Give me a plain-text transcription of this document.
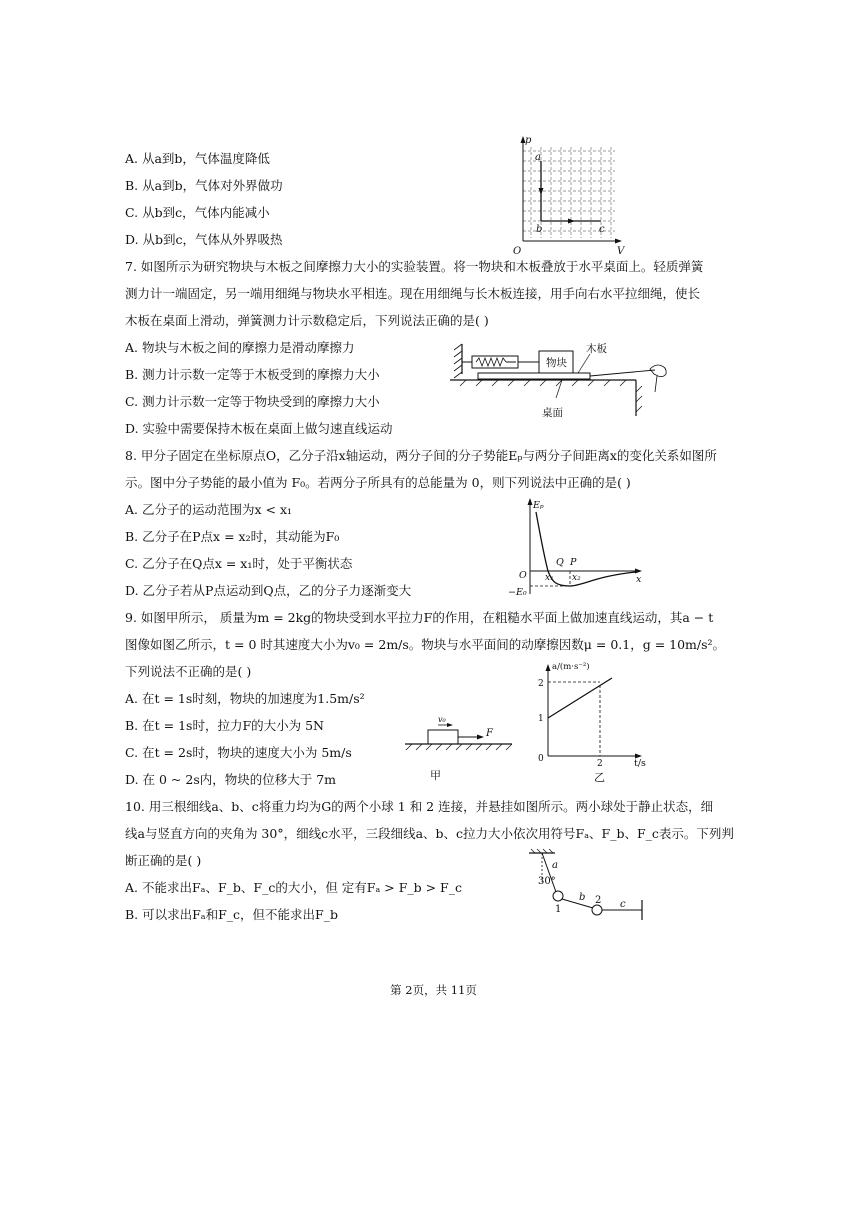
A. 从a到b，气体温度降低
B. 从a到b，气体对外界做功
C. 从b到c，气体内能减小
D. 从b到c，气体从外界吸热
p
V
O
a
b	c
7. 如图所示为研究物块与木板之间摩擦力大小的实验装置。将一物块和木板叠放于水平桌面上。轻质弹簧
测力计一端固定，另一端用细绳与物块水平相连。现在用细绳与长木板连接，用手向右水平拉细绳，使长
木板在桌面上滑动，弹簧测力计示数稳定后，下列说法正确的是( )
A. 物块与木板之间的摩擦力是滑动摩擦力
B. 测力计示数一定等于木板受到的摩擦力大小
C. 测力计示数一定等于物块受到的摩擦力大小
D. 实验中需要保持木板在桌面上做匀速直线运动
物块
木板
桌面
8. 甲分子固定在坐标原点O，乙分子沿x轴运动，两分子间的分子势能Eₚ与两分子间距离x的变化关系如图所
示。图中分子势能的最小值为 F₀。若两分子所具有的总能量为 0，则下列说法中正确的是( )
A. 乙分子的运动范围为x < x₁
B. 乙分子在P点x = x₂时，其动能为F₀
C. 乙分子在Q点x = x₁时，处于平衡状态
D. 乙分子若从P点运动到Q点，乙的分子力逐渐变大
Eₚ
O	x
Q P
x₁ x₂
−E₀
9. 如图甲所示， 质量为m = 2kg的物块受到水平拉力F的作用，在粗糙水平面上做加速直线运动，其a − t
图像如图乙所示，t = 0 时其速度大小为v₀ = 2m/s。物块与水平面间的动摩擦因数μ = 0.1，g = 10m/s²。
下列说法不正确的是( )
A. 在t = 1s时刻，物块的加速度为1.5m/s²
B. 在t = 1s时，拉力F的大小为 5N
C. 在t = 2s时，物块的速度大小为 5m/s
D. 在 0 ~ 2s内，物块的位移大于 7m
v₀
F
甲
a/(m·s⁻²)
t/s
2
1
0	2
乙
10. 用三根细线a、b、c将重力均为G的两个小球 1 和 2 连接，并悬挂如图所示。两小球处于静止状态，细
线a与竖直方向的夹角为 30°，细线c水平，三段细线a、b、c拉力大小依次用符号Fₐ、F_b、F_c表示。下列判
断正确的是( )
A. 不能求出Fₐ、F_b、F_c的大小，但 定有Fₐ > F_b > F_c
B. 可以求出Fₐ和F_c，但不能求出F_b
a
30°
b
c
1
2
第 2页，共 11页
